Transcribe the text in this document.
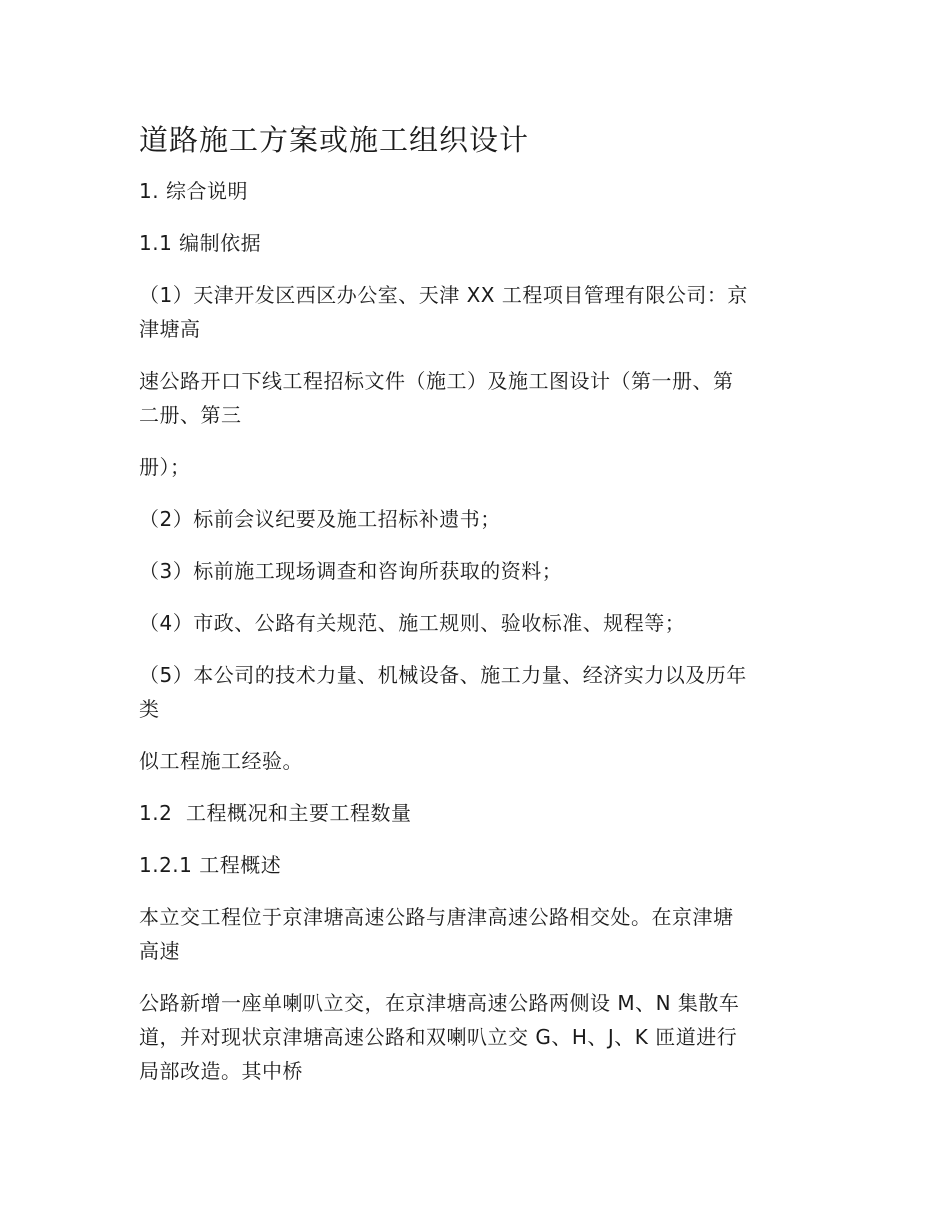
道路施工方案或施工组织设计
1. 综合说明
1.1 编制依据
（1）天津开发区西区办公室、天津 XX 工程项目管理有限公司：京
津塘高
速公路开口下线工程招标文件（施工）及施工图设计（第一册、第
二册、第三
册）；
（2）标前会议纪要及施工招标补遗书；
（3）标前施工现场调查和咨询所获取的资料；
（4）市政、公路有关规范、施工规则、验收标准、规程等；
（5）本公司的技术力量、机械设备、施工力量、经济实力以及历年
类
似工程施工经验。
1.2  工程概况和主要工程数量
1.2.1 工程概述
本立交工程位于京津塘高速公路与唐津高速公路相交处。在京津塘
高速
公路新增一座单喇叭立交，在京津塘高速公路两侧设 M、N 集散车
道，并对现状京津塘高速公路和双喇叭立交 G、H、J、K 匝道进行
局部改造。其中桥
